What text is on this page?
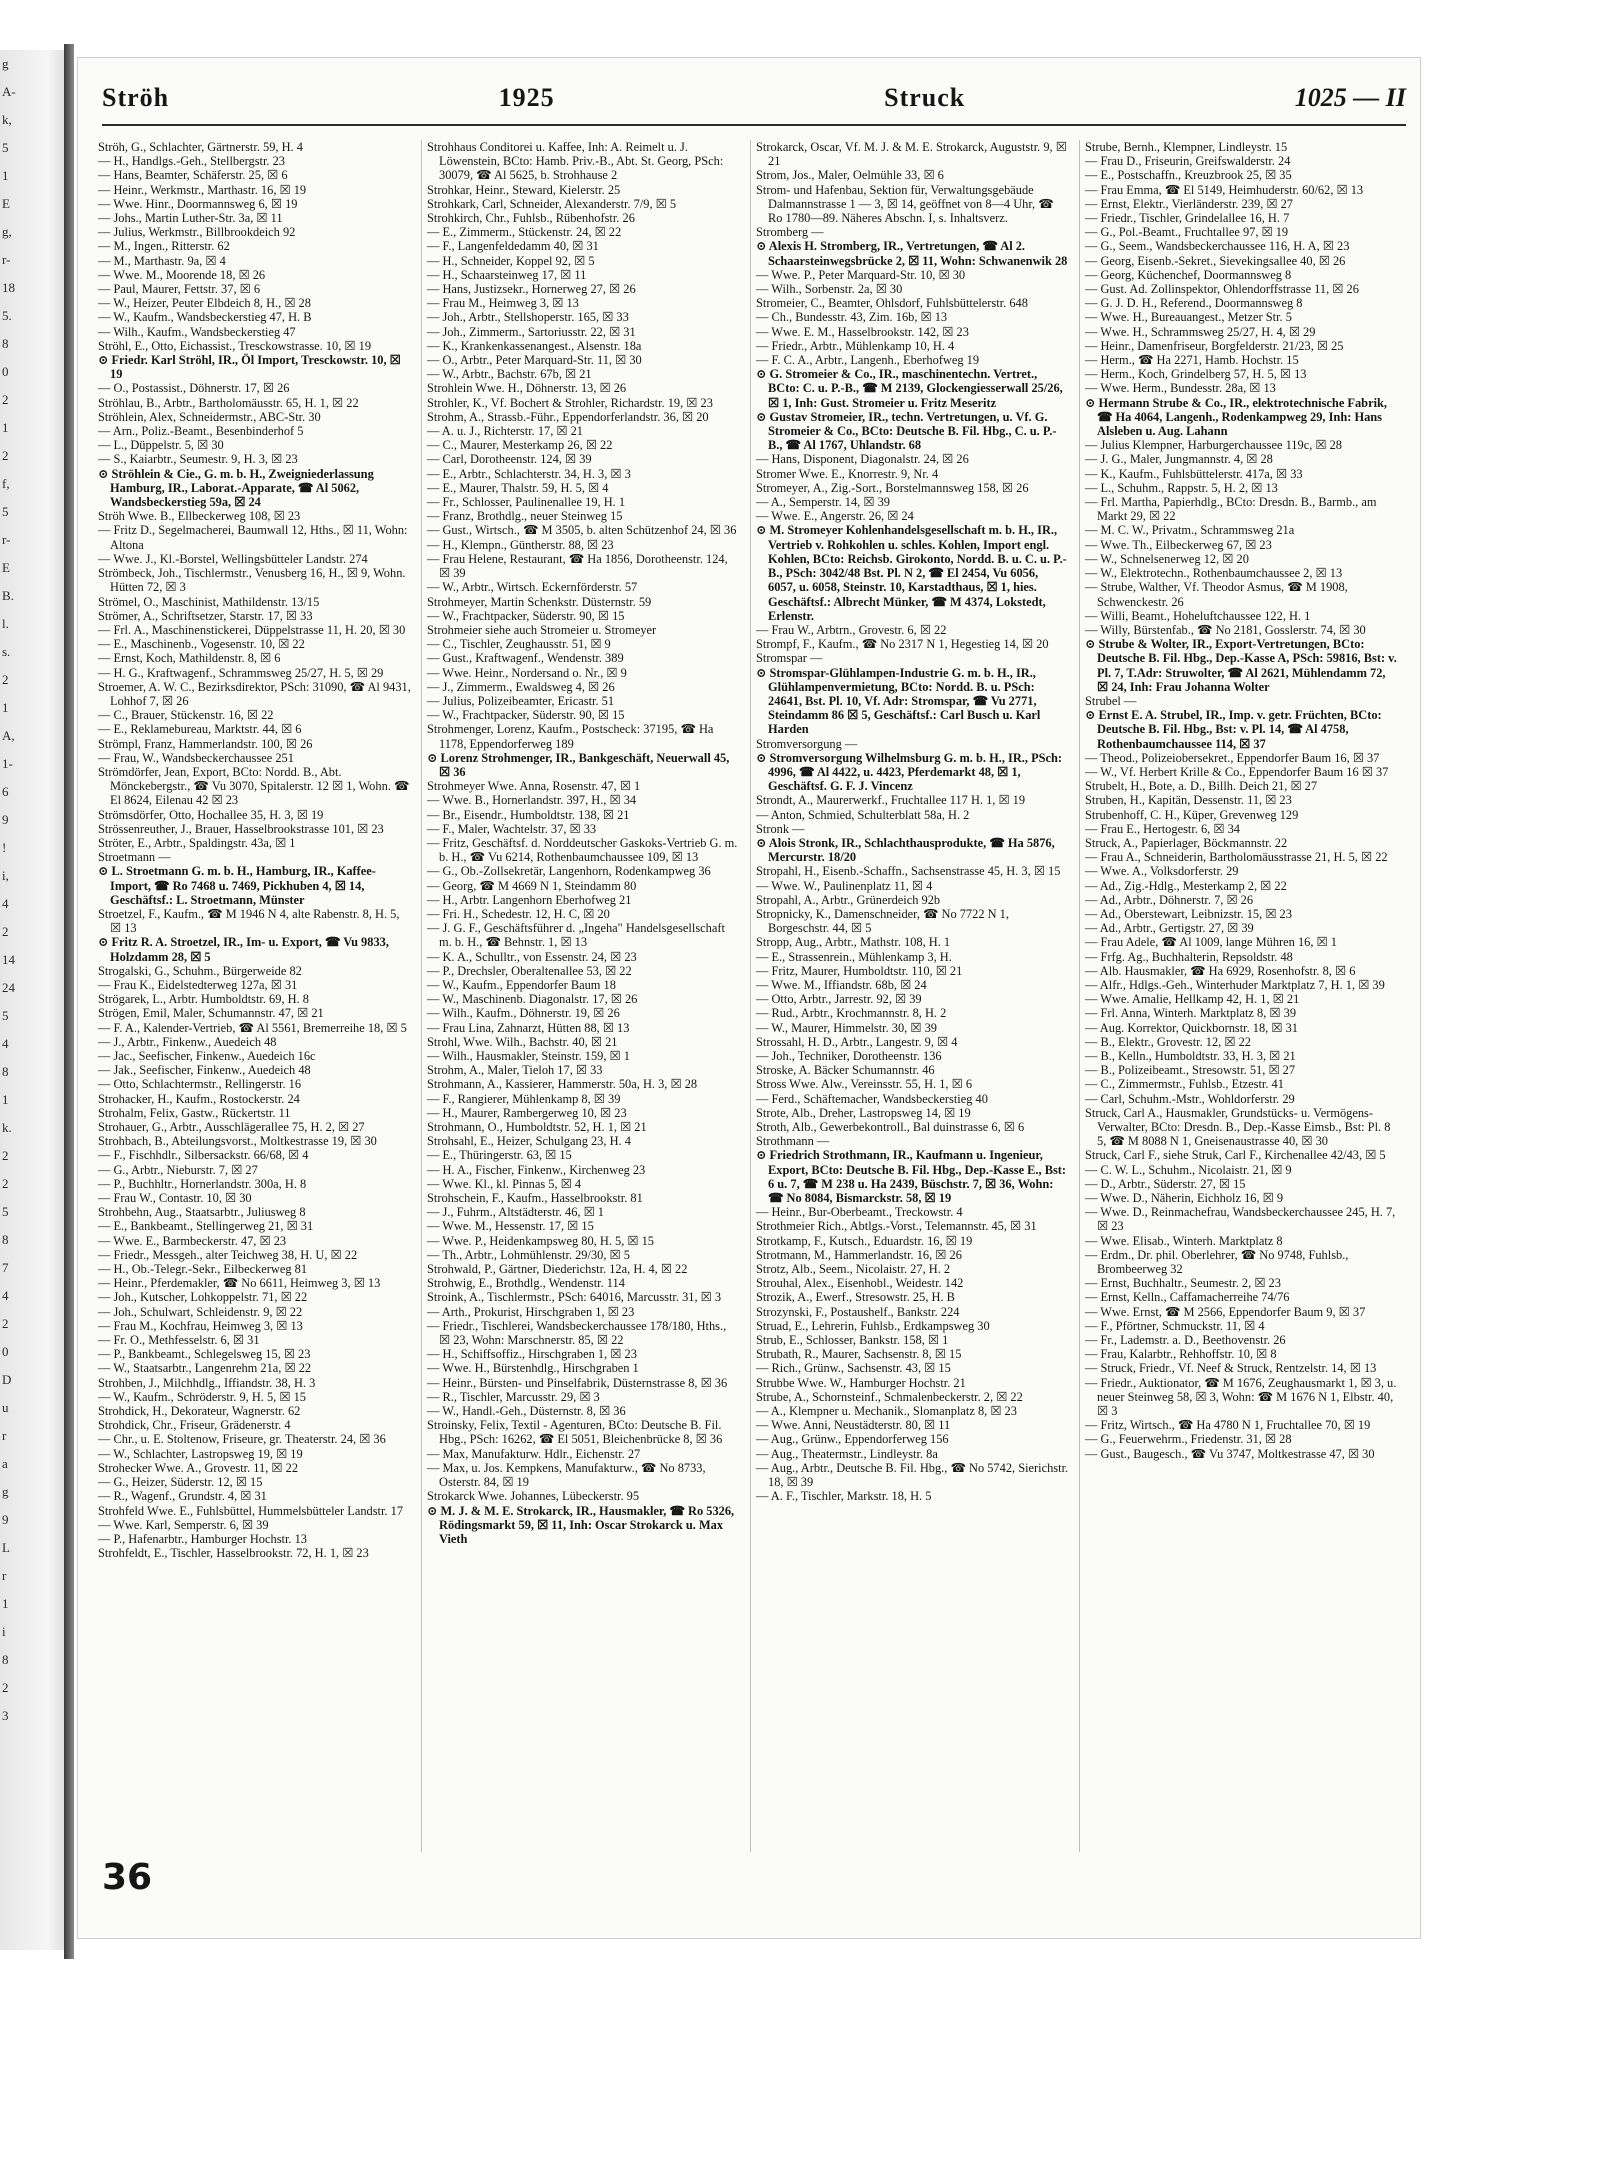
g
A-
k,
5
1
E
g,
r-
18
5.
8
0
2
1
2
f,
5
r-
E
B.
l.
s.
2
1
A,
1-
6
9
!
i,
4
2
14
24
5
4
8
1
k.
2
2
5
8
7
4
2
0
D
u
r
a
g
9
L
r
1
i
8
2
3
Ströh	1925	Struck	1025 — II

Ströh, G., Schlachter, Gärtnerstr. 59, H. 4

— H., Handlgs.-Geh., Stellbergstr. 23

— Hans, Beamter, Schäferstr. 25, ☒ 6

— Heinr., Werkmstr., Marthastr. 16, ☒ 19

— Wwe. Hinr., Doormannsweg 6, ☒ 19

— Johs., Martin Luther-Str. 3a, ☒ 11

— Julius, Werkmstr., Billbrookdeich 92

— M., Ingen., Ritterstr. 62

— M., Marthastr. 9a, ☒ 4

— Wwe. M., Moorende 18, ☒ 26

— Paul, Maurer, Fettstr. 37, ☒ 6

— W., Heizer, Peuter Elbdeich 8, H., ☒ 28

— W., Kaufm., Wandsbeckerstieg 47, H. B

— Wilh., Kaufm., Wandsbeckerstieg 47

Ströhl, E., Otto, Eichassist., Tresckowstrasse. 10, ☒ 19

⊙ Friedr. Karl Ströhl, IR., Öl Import, Tresckowstr. 10, ☒ 19

— O., Postassist., Döhnerstr. 17, ☒ 26

Ströhlau, B., Arbtr., Bartholomäusstr. 65, H. 1, ☒ 22

Ströhlein, Alex, Schneidermstr., ABC-Str. 30

— Arn., Poliz.-Beamt., Besenbinderhof 5

— L., Düppelstr. 5, ☒ 30

— S., Kaiarbtr., Seumestr. 9, H. 3, ☒ 23

⊙ Ströhlein & Cie., G. m. b. H., Zweigniederlassung Hamburg, IR., Laborat.-Apparate, ☎ Al 5062, Wandsbeckerstieg 59a, ☒ 24

Ströh Wwe. B., Ellbeckerweg 108, ☒ 23

— Fritz D., Segelmacherei, Baumwall 12, Hths., ☒ 11, Wohn: Altona

— Wwe. J., Kl.-Borstel, Wellingsbütteler Landstr. 274

Strömbeck, Joh., Tischlermstr., Venusberg 16, H., ☒ 9, Wohn. Hütten 72, ☒ 3

Strömel, O., Maschinist, Mathildenstr. 13/15

Strömer, A., Schriftsetzer, Starstr. 17, ☒ 33

— Frl. A., Maschinenstickerei, Düppelstrasse 11, H. 20, ☒ 30

— E., Maschinenb., Vogesenstr. 10, ☒ 22

— Ernst, Koch, Mathildenstr. 8, ☒ 6

— H. G., Kraftwagenf., Schrammsweg 25/27, H. 5, ☒ 29

Stroemer, A. W. C., Bezirksdirektor, PSch: 31090, ☎ Al 9431, Lohhof 7, ☒ 26

— C., Brauer, Stückenstr. 16, ☒ 22

— E., Reklamebureau, Marktstr. 44, ☒ 6

Strömpl, Franz, Hammerlandstr. 100, ☒ 26

— Frau, W., Wandsbeckerchaussee 251

Strömdörfer, Jean, Export, BCto: Nordd. B., Abt. Mönckebergstr., ☎ Vu 3070, Spitalerstr. 12 ☒ 1, Wohn. ☎ El 8624, Eilenau 42 ☒ 23

Strömsdörfer, Otto, Hochallee 35, H. 3, ☒ 19

Strössenreuther, J., Brauer, Hasselbrookstrasse 101, ☒ 23

Ströter, E., Arbtr., Spaldingstr. 43a, ☒ 1

Stroetmann —

⊙ L. Stroetmann G. m. b. H., Hamburg, IR., Kaffee-Import, ☎ Ro 7468 u. 7469, Pickhuben 4, ☒ 14, Geschäftsf.: L. Stroetmann, Münster

Stroetzel, F., Kaufm., ☎ M 1946 N 4, alte Rabenstr. 8, H. 5, ☒ 13

⊙ Fritz R. A. Stroetzel, IR., Im- u. Export, ☎ Vu 9833, Holzdamm 28, ☒ 5

Strogalski, G., Schuhm., Bürgerweide 82

— Frau K., Eidelstedterweg 127a, ☒ 31

Strögarek, L., Arbtr. Humboldtstr. 69, H. 8

Strögen, Emil, Maler, Schumannstr. 47, ☒ 21

— F. A., Kalender-Vertrieb, ☎ Al 5561, Bremerreihe 18, ☒ 5

— J., Arbtr., Finkenw., Auedeich 48

— Jac., Seefischer, Finkenw., Auedeich 16c

— Jak., Seefischer, Finkenw., Auedeich 48

— Otto, Schlachtermstr., Rellingerstr. 16

Strohacker, H., Kaufm., Rostockerstr. 24

Strohalm, Felix, Gastw., Rückertstr. 11

Strohauer, G., Arbtr., Ausschlägerallee 75, H. 2, ☒ 27

Strohbach, B., Abteilungsvorst., Moltkestrasse 19, ☒ 30

— F., Fischhdlr., Silbersackstr. 66/68, ☒ 4

— G., Arbtr., Nieburstr. 7, ☒ 27

— P., Buchhltr., Hornerlandstr. 300a, H. 8

— Frau W., Contastr. 10, ☒ 30

Strohbehn, Aug., Staatsarbtr., Juliusweg 8

— E., Bankbeamt., Stellingerweg 21, ☒ 31

— Wwe. E., Barmbeckerstr. 47, ☒ 23

— Friedr., Messgeh., alter Teichweg 38, H. U, ☒ 22

— H., Ob.-Telegr.-Sekr., Eilbeckerweg 81

— Heinr., Pferdemakler, ☎ No 6611, Heimweg 3, ☒ 13

— Joh., Kutscher, Lohkoppelstr. 71, ☒ 22

— Joh., Schulwart, Schleidenstr. 9, ☒ 22

— Frau M., Kochfrau, Heimweg 3, ☒ 13

— Fr. O., Methfesselstr. 6, ☒ 31

— P., Bankbeamt., Schlegelsweg 15, ☒ 23

— W., Staatsarbtr., Langenrehm 21a, ☒ 22

Strohben, J., Milchhdlg., Iffiandstr. 38, H. 3

— W., Kaufm., Schröderstr. 9, H. 5, ☒ 15

Strohdick, H., Dekorateur, Wagnerstr. 62

Strohdick, Chr., Friseur, Grädenerstr. 4

— Chr., u. E. Stoltenow, Friseure, gr. Theaterstr. 24, ☒ 36

— W., Schlachter, Lastropsweg 19, ☒ 19

Strohecker Wwe. A., Grovestr. 11, ☒ 22

— G., Heizer, Süderstr. 12, ☒ 15

— R., Wagenf., Grundstr. 4, ☒ 31

Strohfeld Wwe. E., Fuhlsbüttel, Hummelsbütteler Landstr. 17

— Wwe. Karl, Semperstr. 6, ☒ 39

— P., Hafenarbtr., Hamburger Hochstr. 13

Strohfeldt, E., Tischler, Hasselbrookstr. 72, H. 1, ☒ 23

Strohhaus Conditorei u. Kaffee, Inh: A. Reimelt u. J. Löwenstein, BCto: Hamb. Priv.-B., Abt. St. Georg, PSch: 30079, ☎ Al 5625, b. Strohhause 2

Strohkar, Heinr., Steward, Kielerstr. 25

Strohkark, Carl, Schneider, Alexanderstr. 7/9, ☒ 5

Strohkirch, Chr., Fuhlsb., Rübenhofstr. 26

— E., Zimmerm., Stückenstr. 24, ☒ 22

— F., Langenfeldedamm 40, ☒ 31

— H., Schneider, Koppel 92, ☒ 5

— H., Schaarsteinweg 17, ☒ 11

— Hans, Justizsekr., Hornerweg 27, ☒ 26

— Frau M., Heimweg 3, ☒ 13

— Joh., Arbtr., Stellshoperstr. 165, ☒ 33

— Joh., Zimmerm., Sartoriusstr. 22, ☒ 31

— K., Krankenkassenangest., Alsenstr. 18a

— O., Arbtr., Peter Marquard-Str. 11, ☒ 30

— W., Arbtr., Bachstr. 67b, ☒ 21

Strohlein Wwe. H., Döhnerstr. 13, ☒ 26

Strohler, K., Vf. Bochert & Strohler, Richardstr. 19, ☒ 23

Strohm, A., Strassb.-Führ., Eppendorferlandstr. 36, ☒ 20

— A. u. J., Richterstr. 17, ☒ 21

— C., Maurer, Mesterkamp 26, ☒ 22

— Carl, Dorotheenstr. 124, ☒ 39

— E., Arbtr., Schlachterstr. 34, H. 3, ☒ 3

— E., Maurer, Thalstr. 59, H. 5, ☒ 4

— Fr., Schlosser, Paulinenallee 19, H. 1

— Franz, Brothdlg., neuer Steinweg 15

— Gust., Wirtsch., ☎ M 3505, b. alten Schützenhof 24, ☒ 36

— H., Klempn., Güntherstr. 88, ☒ 23

— Frau Helene, Restaurant, ☎ Ha 1856, Dorotheenstr. 124, ☒ 39

— W., Arbtr., Wirtsch. Eckernförderstr. 57

Strohmeyer, Martin Schenkstr. Düsternstr. 59

— W., Frachtpacker, Süderstr. 90, ☒ 15

Strohmeier siehe auch Stromeier u. Stromeyer

— C., Tischler, Zeughausstr. 51, ☒ 9

— Gust., Kraftwagenf., Wendenstr. 389

— Wwe. Heinr., Nordersand o. Nr., ☒ 9

— J., Zimmerm., Ewaldsweg 4, ☒ 26

— Julius, Polizeibeamter, Ericastr. 51

— W., Frachtpacker, Süderstr. 90, ☒ 15

Strohmenger, Lorenz, Kaufm., Postscheck: 37195, ☎ Ha 1178, Eppendorferweg 189

⊙ Lorenz Strohmenger, IR., Bankgeschäft, Neuerwall 45, ☒ 36

Strohmeyer Wwe. Anna, Rosenstr. 47, ☒ 1

— Wwe. B., Hornerlandstr. 397, H., ☒ 34

— Br., Eisendr., Humboldtstr. 138, ☒ 21

— F., Maler, Wachtelstr. 37, ☒ 33

— Fritz, Geschäftsf. d. Norddeutscher Gaskoks-Vertrieb G. m. b. H., ☎ Vu 6214, Rothenbaumchaussee 109, ☒ 13

— G., Ob.-Zollsekretär, Langenhorn, Rodenkampweg 36

— Georg, ☎ M 4669 N 1, Steindamm 80

— H., Arbtr. Langenhorn Eberhofweg 21

— Fri. H., Schedestr. 12, H. C, ☒ 20

— J. G. F., Geschäftsführer d. „Ingeha" Handelsgesellschaft m. b. H., ☎ Behnstr. 1, ☒ 13

— K. A., Schulltr., von Essenstr. 24, ☒ 23

— P., Drechsler, Oberaltenallee 53, ☒ 22

— W., Kaufm., Eppendorfer Baum 18

— W., Maschinenb. Diagonalstr. 17, ☒ 26

— Wilh., Kaufm., Döhnerstr. 19, ☒ 26

— Frau Lina, Zahnarzt, Hütten 88, ☒ 13

Strohl, Wwe. Wilh., Bachstr. 40, ☒ 21

— Wilh., Hausmakler, Steinstr. 159, ☒ 1

Strohm, A., Maler, Tieloh 17, ☒ 33

Strohmann, A., Kassierer, Hammerstr. 50a, H. 3, ☒ 28

— F., Rangierer, Mühlenkamp 8, ☒ 39

— H., Maurer, Rambergerweg 10, ☒ 23

Strohmann, O., Humboldtstr. 52, H. 1, ☒ 21

Strohsahl, E., Heizer, Schulgang 23, H. 4

— E., Thüringerstr. 63, ☒ 15

— H. A., Fischer, Finkenw., Kirchenweg 23

— Wwe. Kl., kl. Pinnas 5, ☒ 4

Strohschein, F., Kaufm., Hasselbrookstr. 81

— J., Fuhrm., Altstädterstr. 46, ☒ 1

— Wwe. M., Hessenstr. 17, ☒ 15

— Wwe. P., Heidenkampsweg 80, H. 5, ☒ 15

— Th., Arbtr., Lohmühlenstr. 29/30, ☒ 5

Strohwald, P., Gärtner, Diederichstr. 12a, H. 4, ☒ 22

Strohwig, E., Brothdlg., Wendenstr. 114

Stroink, A., Tischlermstr., PSch: 64016, Marcusstr. 31, ☒ 3

— Arth., Prokurist, Hirschgraben 1, ☒ 23

— Friedr., Tischlerei, Wandsbeckerchaussee 178/180, Hths., ☒ 23, Wohn: Marschnerstr. 85, ☒ 22

— H., Schiffsoffiz., Hirschgraben 1, ☒ 23

— Wwe. H., Bürstenhdlg., Hirschgraben 1

— Heinr., Bürsten- und Pinselfabrik, Düsternstrasse 8, ☒ 36

— R., Tischler, Marcusstr. 29, ☒ 3

— W., Handl.-Geh., Düsternstr. 8, ☒ 36

Stroinsky, Felix, Textil - Agenturen, BCto: Deutsche B. Fil. Hbg., PSch: 16262, ☎ El 5051, Bleichenbrücke 8, ☒ 36

— Max, Manufakturw. Hdlr., Eichenstr. 27

— Max, u. Jos. Kempkens, Manufakturw., ☎ No 8733, Osterstr. 84, ☒ 19

Strokarck Wwe. Johannes, Lübeckerstr. 95

⊙ M. J. & M. E. Strokarck, IR., Hausmakler, ☎ Ro 5326, Rödingsmarkt 59, ☒ 11, Inh: Oscar Strokarck u. Max Vieth

Strokarck, Oscar, Vf. M. J. & M. E. Strokarck, Auguststr. 9, ☒ 21

Strom, Jos., Maler, Oelmühle 33, ☒ 6

Strom- und Hafenbau, Sektion für, Verwaltungsgebäude Dalmannstrasse 1 — 3, ☒ 14, geöffnet von 8—4 Uhr, ☎ Ro 1780—89. Näheres Abschn. I, s. Inhaltsverz.

Stromberg —

⊙ Alexis H. Stromberg, IR., Vertretungen, ☎ Al 2. Schaarsteinwegsbrücke 2, ☒ 11, Wohn: Schwanenwik 28

— Wwe. P., Peter Marquard-Str. 10, ☒ 30

— Wilh., Sorbenstr. 2a, ☒ 30

Stromeier, C., Beamter, Ohlsdorf, Fuhlsbüttelerstr. 648

— Ch., Bundesstr. 43, Zim. 16b, ☒ 13

— Wwe. E. M., Hasselbrookstr. 142, ☒ 23

— Friedr., Arbtr., Mühlenkamp 10, H. 4

— F. C. A., Arbtr., Langenh., Eberhofweg 19

⊙ G. Stromeier & Co., IR., maschinentechn. Vertret., BCto: C. u. P.-B., ☎ M 2139, Glockengiesserwall 25/26, ☒ 1, Inh: Gust. Stromeier u. Fritz Meseritz

⊙ Gustav Stromeier, IR., techn. Vertretungen, u. Vf. G. Stromeier & Co., BCto: Deutsche B. Fil. Hbg., C. u. P.-B., ☎ Al 1767, Uhlandstr. 68

— Hans, Disponent, Diagonalstr. 24, ☒ 26

Stromer Wwe. E., Knorrestr. 9, Nr. 4

Stromeyer, A., Zig.-Sort., Borstelmannsweg 158, ☒ 26

— A., Semperstr. 14, ☒ 39

— Wwe. E., Angerstr. 26, ☒ 24

⊙ M. Stromeyer Kohlenhandelsgesellschaft m. b. H., IR., Vertrieb v. Rohkohlen u. schles. Kohlen, Import engl. Kohlen, BCto: Reichsb. Girokonto, Nordd. B. u. C. u. P.-B., PSch: 3042/48 Bst. Pl. N 2, ☎ El 2454, Vu 6056, 6057, u. 6058, Steinstr. 10, Karstadthaus, ☒ 1, hies. Geschäftsf.: Albrecht Münker, ☎ M 4374, Lokstedt, Erlenstr.

— Frau W., Arbtrn., Grovestr. 6, ☒ 22

Strompf, F., Kaufm., ☎ No 2317 N 1, Hegestieg 14, ☒ 20

Stromspar —

⊙ Stromspar-Glühlampen-Industrie G. m. b. H., IR., Glühlampenvermietung, BCto: Nordd. B. u. PSch: 24641, Bst. Pl. 10, Vf. Adr: Stromspar, ☎ Vu 2771, Steindamm 86 ☒ 5, Geschäftsf.: Carl Busch u. Karl Harden

Stromversorgung —

⊙ Stromversorgung Wilhelmsburg G. m. b. H., IR., PSch: 4996, ☎ Al 4422, u. 4423, Pferdemarkt 48, ☒ 1, Geschäftsf. G. F. J. Vincenz

Strondt, A., Maurerwerkf., Fruchtallee 117 H. 1, ☒ 19

— Anton, Schmied, Schulterblatt 58a, H. 2

Stronk —

⊙ Alois Stronk, IR., Schlachthausprodukte, ☎ Ha 5876, Mercurstr. 18/20

Stropahl, H., Eisenb.-Schaffn., Sachsenstrasse 45, H. 3, ☒ 15

— Wwe. W., Paulinenplatz 11, ☒ 4

Stropahl, A., Arbtr., Grünerdeich 92b

Stropnicky, K., Damenschneider, ☎ No 7722 N 1, Borgeschstr. 44, ☒ 5

Stropp, Aug., Arbtr., Mathstr. 108, H. 1

— E., Strassenrein., Mühlenkamp 3, H.

— Fritz, Maurer, Humboldtstr. 110, ☒ 21

— Wwe. M., Iffiandstr. 68b, ☒ 24

— Otto, Arbtr., Jarrestr. 92, ☒ 39

— Rud., Arbtr., Krochmannstr. 8, H. 2

— W., Maurer, Himmelstr. 30, ☒ 39

Strossahl, H. D., Arbtr., Langestr. 9, ☒ 4

— Joh., Techniker, Dorotheenstr. 136

Stroske, A. Bäcker Schumannstr. 46

Stross Wwe. Alw., Vereinsstr. 55, H. 1, ☒ 6

— Ferd., Schäftemacher, Wandsbeckerstieg 40

Strote, Alb., Dreher, Lastropsweg 14, ☒ 19

Stroth, Alb., Gewerbekontroll., Bal duinstrasse 6, ☒ 6

Strothmann —

⊙ Friedrich Strothmann, IR., Kaufmann u. Ingenieur, Export, BCto: Deutsche B. Fil. Hbg., Dep.-Kasse E., Bst: 6 u. 7, ☎ M 238 u. Ha 2439, Büschstr. 7, ☒ 36, Wohn: ☎ No 8084, Bismarckstr. 58, ☒ 19

— Heinr., Bur-Oberbeamt., Treckowstr. 4

Strothmeier Rich., Abtlgs.-Vorst., Telemannstr. 45, ☒ 31

Strotkamp, F., Kutsch., Eduardstr. 16, ☒ 19

Strotmann, M., Hammerlandstr. 16, ☒ 26

Strotz, Alb., Seem., Nicolaistr. 27, H. 2

Strouhal, Alex., Eisenhobl., Weidestr. 142

Strozik, A., Ewerf., Stresowstr. 25, H. B

Strozynski, F., Postaushelf., Bankstr. 224

Struad, E., Lehrerin, Fuhlsb., Erdkampsweg 30

Strub, E., Schlosser, Bankstr. 158, ☒ 1

Strubath, R., Maurer, Sachsenstr. 8, ☒ 15

— Rich., Grünw., Sachsenstr. 43, ☒ 15

Strubbe Wwe. W., Hamburger Hochstr. 21

Strube, A., Schornsteinf., Schmalenbeckerstr. 2, ☒ 22

— A., Klempner u. Mechanik., Slomanplatz 8, ☒ 23

— Wwe. Anni, Neustädterstr. 80, ☒ 11

— Aug., Grünw., Eppendorferweg 156

— Aug., Theatermstr., Lindleystr. 8a

— Aug., Arbtr., Deutsche B. Fil. Hbg., ☎ No 5742, Sierichstr. 18, ☒ 39

— A. F., Tischler, Markstr. 18, H. 5

Strube, Bernh., Klempner, Lindleystr. 15

— Frau D., Friseurin, Greifswalderstr. 24

— E., Postschaffn., Kreuzbrook 25, ☒ 35

— Frau Emma, ☎ El 5149, Heimhuderstr. 60/62, ☒ 13

— Ernst, Elektr., Vierländerstr. 239, ☒ 27

— Friedr., Tischler, Grindelallee 16, H. 7

— G., Pol.-Beamt., Fruchtallee 97, ☒ 19

— G., Seem., Wandsbeckerchaussee 116, H. A, ☒ 23

— Georg, Eisenb.-Sekret., Sievekingsallee 40, ☒ 26

— Georg, Küchenchef, Doormannsweg 8

— Gust. Ad. Zollinspektor, Ohlendorffstrasse 11, ☒ 26

— G. J. D. H., Referend., Doormannsweg 8

— Wwe. H., Bureauangest., Metzer Str. 5

— Wwe. H., Schrammsweg 25/27, H. 4, ☒ 29

— Heinr., Damenfriseur, Borgfelderstr. 21/23, ☒ 25

— Herm., ☎ Ha 2271, Hamb. Hochstr. 15

— Herm., Koch, Grindelberg 57, H. 5, ☒ 13

— Wwe. Herm., Bundesstr. 28a, ☒ 13

⊙ Hermann Strube & Co., IR., elektrotechnische Fabrik, ☎ Ha 4064, Langenh., Rodenkampweg 29, Inh: Hans Alsleben u. Aug. Lahann

— Julius Klempner, Harburgerchaussee 119c, ☒ 28

— J. G., Maler, Jungmannstr. 4, ☒ 28

— K., Kaufm., Fuhlsbüttelerstr. 417a, ☒ 33

— L., Schuhm., Rappstr. 5, H. 2, ☒ 13

— Frl. Martha, Papierhdlg., BCto: Dresdn. B., Barmb., am Markt 29, ☒ 22

— M. C. W., Privatm., Schrammsweg 21a

— Wwe. Th., Eilbeckerweg 67, ☒ 23

— W., Schnelsenerweg 12, ☒ 20

— W., Elektrotechn., Rothenbaumchaussee 2, ☒ 13

— Strube, Walther, Vf. Theodor Asmus, ☎ M 1908, Schwenckestr. 26

— Willi, Beamt., Hoheluftchaussee 122, H. 1

— Willy, Bürstenfab., ☎ No 2181, Gosslerstr. 74, ☒ 30

⊙ Strube & Wolter, IR., Export-Vertretungen, BCto: Deutsche B. Fil. Hbg., Dep.-Kasse A, PSch: 59816, Bst: v. Pl. 7, T.Adr: Struwolter, ☎ Al 2621, Mühlendamm 72, ☒ 24, Inh: Frau Johanna Wolter

Strubel —

⊙ Ernst E. A. Strubel, IR., Imp. v. getr. Früchten, BCto: Deutsche B. Fil. Hbg., Bst: v. Pl. 14, ☎ Al 4758, Rothenbaumchaussee 114, ☒ 37

— Theod., Polizeiobersekret., Eppendorfer Baum 16, ☒ 37

— W., Vf. Herbert Krille & Co., Eppendorfer Baum 16 ☒ 37

Strubelt, H., Bote, a. D., Billh. Deich 21, ☒ 27

Struben, H., Kapitän, Dessenstr. 11, ☒ 23

Strubenhoff, C. H., Küper, Grevenweg 129

— Frau E., Hertogestr. 6, ☒ 34

Struck, A., Papierlager, Böckmannstr. 22

— Frau A., Schneiderin, Bartholomäusstrasse 21, H. 5, ☒ 22

— Wwe. A., Volksdorferstr. 29

— Ad., Zig.-Hdlg., Mesterkamp 2, ☒ 22

— Ad., Arbtr., Döhnerstr. 7, ☒ 26

— Ad., Oberstewart, Leibnizstr. 15, ☒ 23

— Ad., Arbtr., Gertigstr. 27, ☒ 39

— Frau Adele, ☎ Al 1009, lange Mühren 16, ☒ 1

— Frfg. Ag., Buchhalterin, Repsoldstr. 48

— Alb. Hausmakler, ☎ Ha 6929, Rosenhofstr. 8, ☒ 6

— Alfr., Hdlgs.-Geh., Winterhuder Marktplatz 7, H. 1, ☒ 39

— Wwe. Amalie, Hellkamp 42, H. 1, ☒ 21

— Frl. Anna, Winterh. Marktplatz 8, ☒ 39

— Aug. Korrektor, Quickbornstr. 18, ☒ 31

— B., Elektr., Grovestr. 12, ☒ 22

— B., Kelln., Humboldtstr. 33, H. 3, ☒ 21

— B., Polizeibeamt., Stresowstr. 51, ☒ 27

— C., Zimmermstr., Fuhlsb., Etzestr. 41

— Carl, Schuhm.-Mstr., Wohldorferstr. 29

Struck, Carl A., Hausmakler, Grundstücks- u. Vermögens-Verwalter, BCto: Dresdn. B., Dep.-Kasse Eimsb., Bst: Pl. 8 5, ☎ M 8088 N 1, Gneisenaustrasse 40, ☒ 30

Struck, Carl F., siehe Struk, Carl F., Kirchenallee 42/43, ☒ 5

— C. W. L., Schuhm., Nicolaistr. 21, ☒ 9

— D., Arbtr., Süderstr. 27, ☒ 15

— Wwe. D., Näherin, Eichholz 16, ☒ 9

— Wwe. D., Reinmachefrau, Wandsbeckerchaussee 245, H. 7, ☒ 23

— Wwe. Elisab., Winterh. Marktplatz 8

— Erdm., Dr. phil. Oberlehrer, ☎ No 9748, Fuhlsb., Brombeerweg 32

— Ernst, Buchhaltr., Seumestr. 2, ☒ 23

— Ernst, Kelln., Caffamacherreihe 74/76

— Wwe. Ernst, ☎ M 2566, Eppendorfer Baum 9, ☒ 37

— F., Pförtner, Schmuckstr. 11, ☒ 4

— Fr., Lademstr. a. D., Beethovenstr. 26

— Frau, Kalarbtr., Rehhoffstr. 10, ☒ 8

— Struck, Friedr., Vf. Neef & Struck, Rentzelstr. 14, ☒ 13

— Friedr., Auktionator, ☎ M 1676, Zeughausmarkt 1, ☒ 3, u. neuer Steinweg 58, ☒ 3, Wohn: ☎ M 1676 N 1, Elbstr. 40, ☒ 3

— Fritz, Wirtsch., ☎ Ha 4780 N 1, Fruchtallee 70, ☒ 19

— G., Feuerwehrm., Friedenstr. 31, ☒ 28

— Gust., Baugesch., ☎ Vu 3747, Moltkestrasse 47, ☒ 30

36
